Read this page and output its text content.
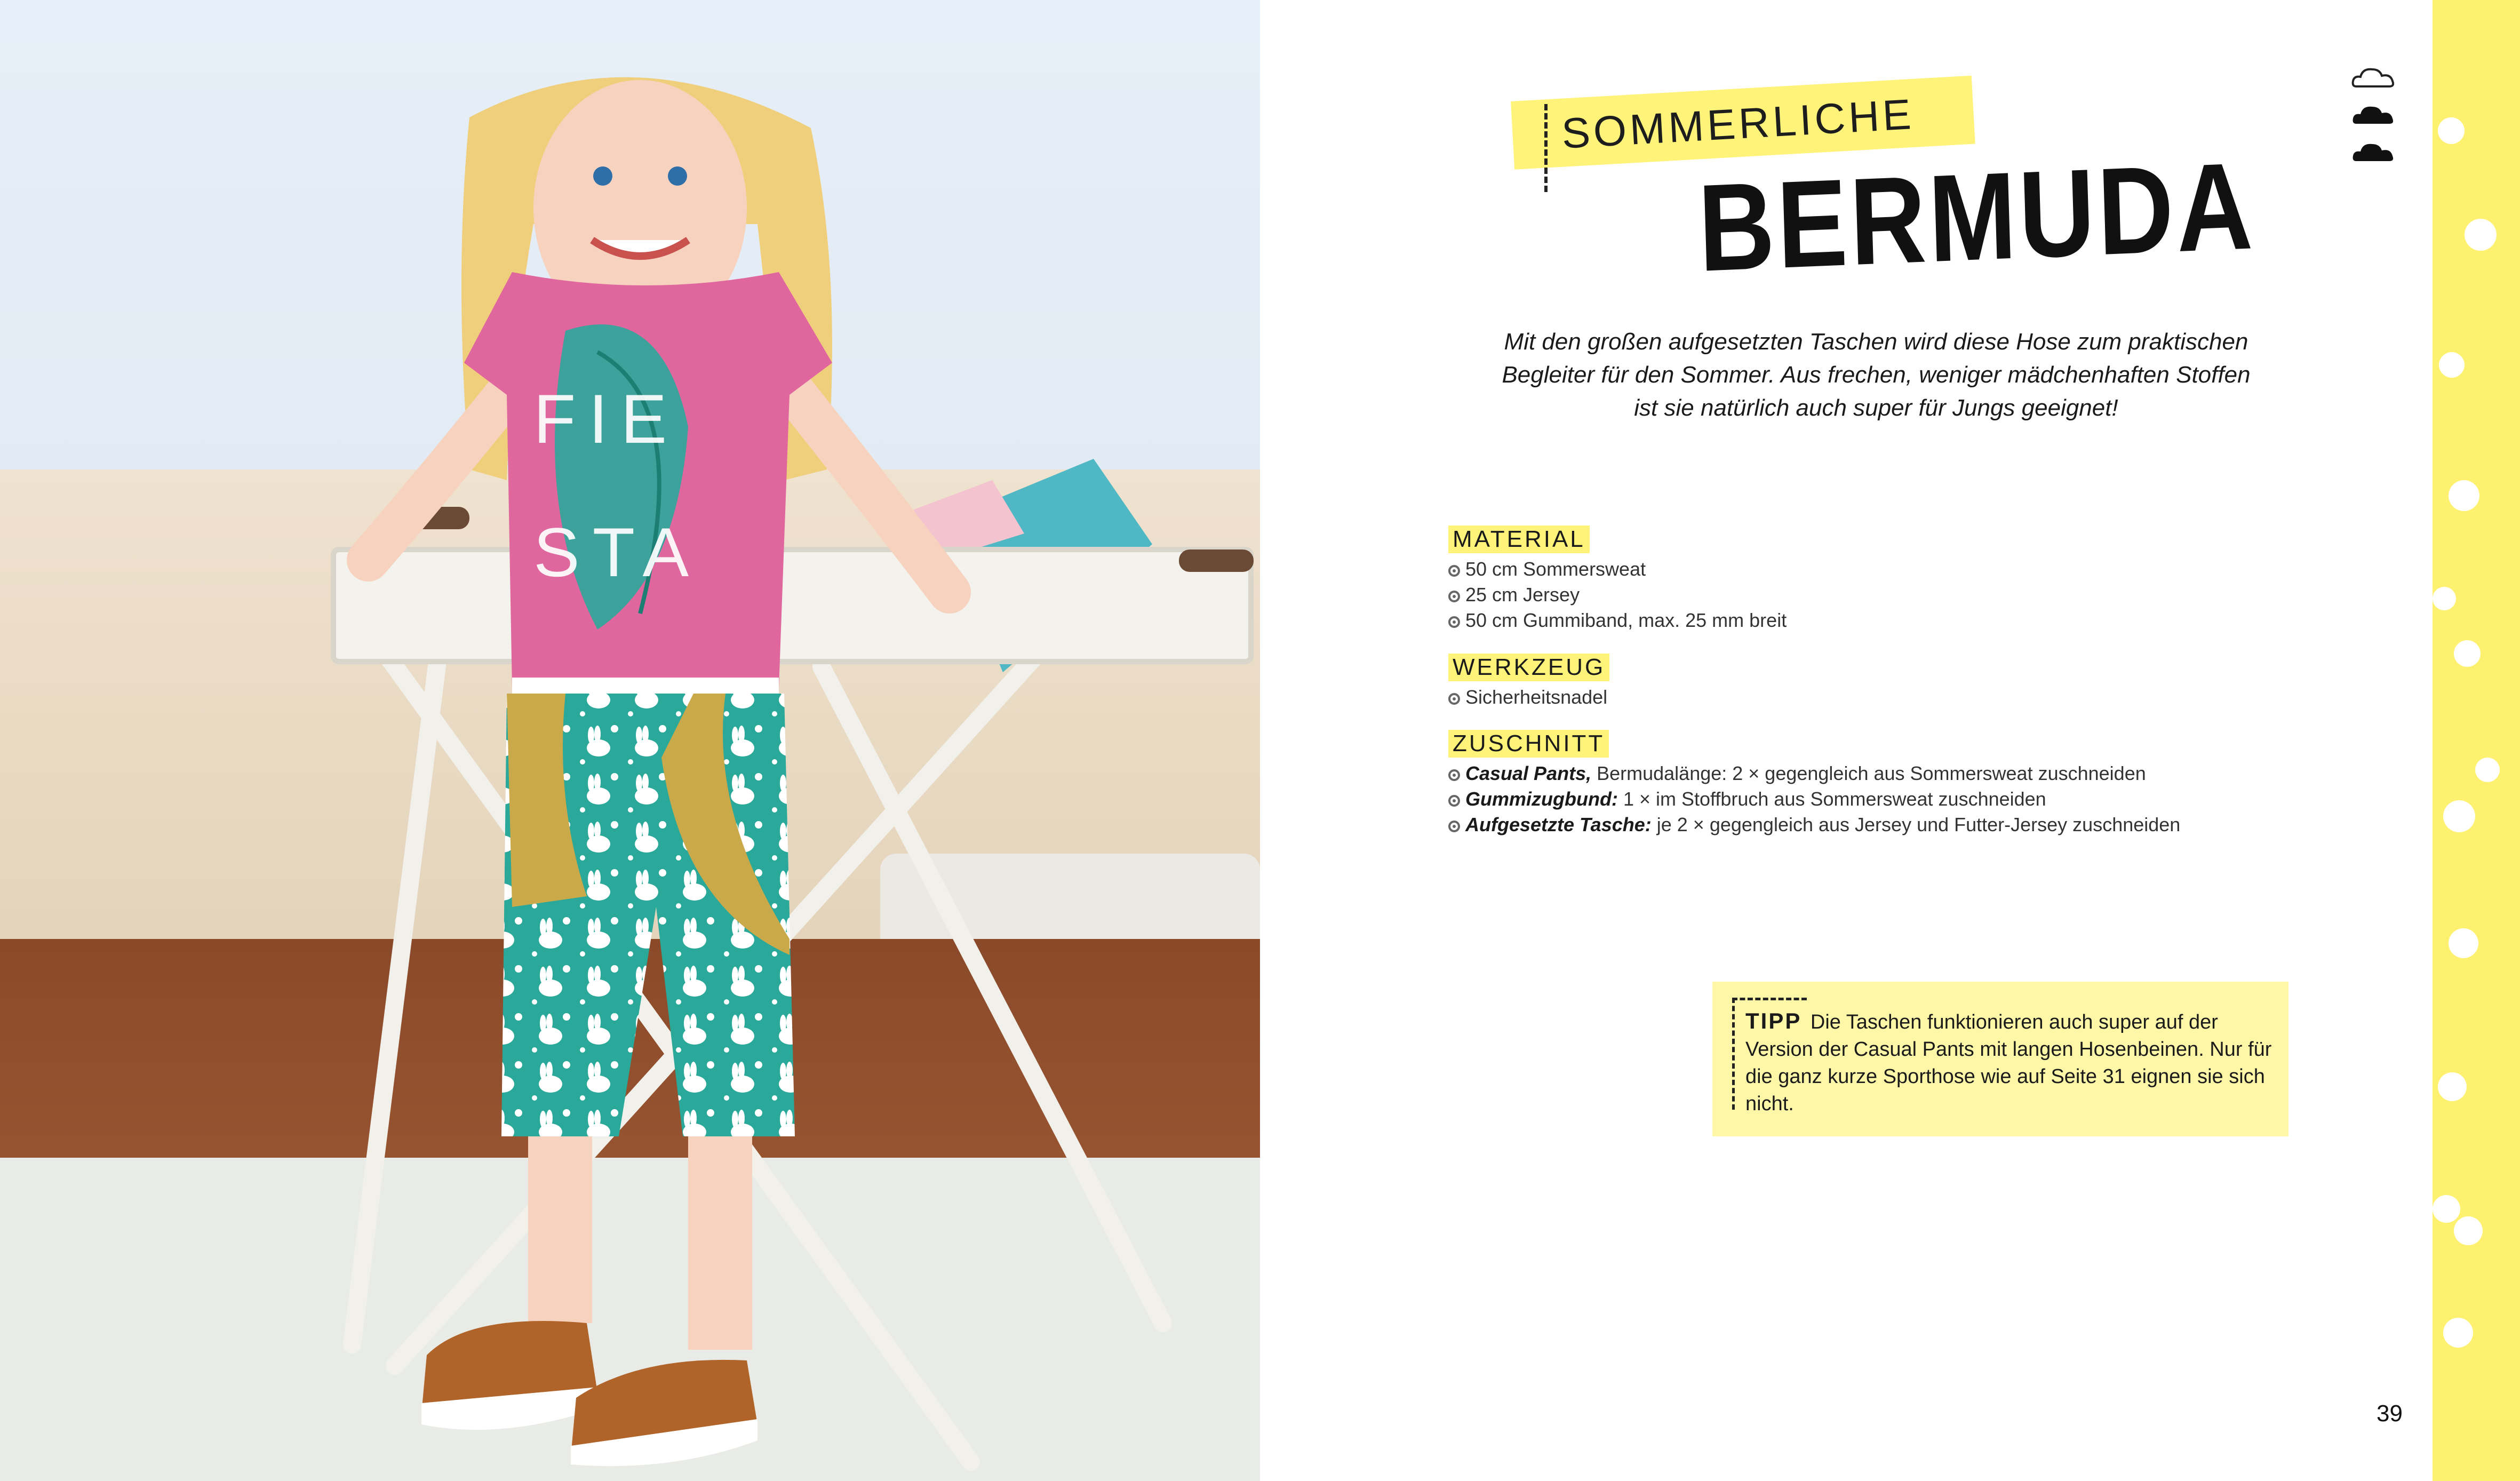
FIE
STA
SOMMERLICHE
BERMUDA
Mit den großen aufgesetzten Taschen wird diese Hose zum praktischen Begleiter für den Sommer. Aus frechen, weniger mädchenhaften Stoffen ist sie natürlich auch super für Jungs geeignet!
MATERIAL
50 cm Sommersweat
25 cm Jersey
50 cm Gummiband, max. 25 mm breit
WERKZEUG
Sicherheitsnadel
ZUSCHNITT
Casual Pants, Bermudalänge: 2 × gegengleich aus Sommersweat zuschneiden
Gummizugbund: 1 × im Stoffbruch aus Sommersweat zuschneiden
Aufgesetzte Tasche: je 2 × gegengleich aus Jersey und Futter-Jersey zuschneiden
TIPP Die Taschen funktionieren auch super auf der Version der Casual Pants mit langen Hosenbeinen. Nur für die ganz kurze Sporthose wie auf Seite 31 eignen sie sich nicht.
39
